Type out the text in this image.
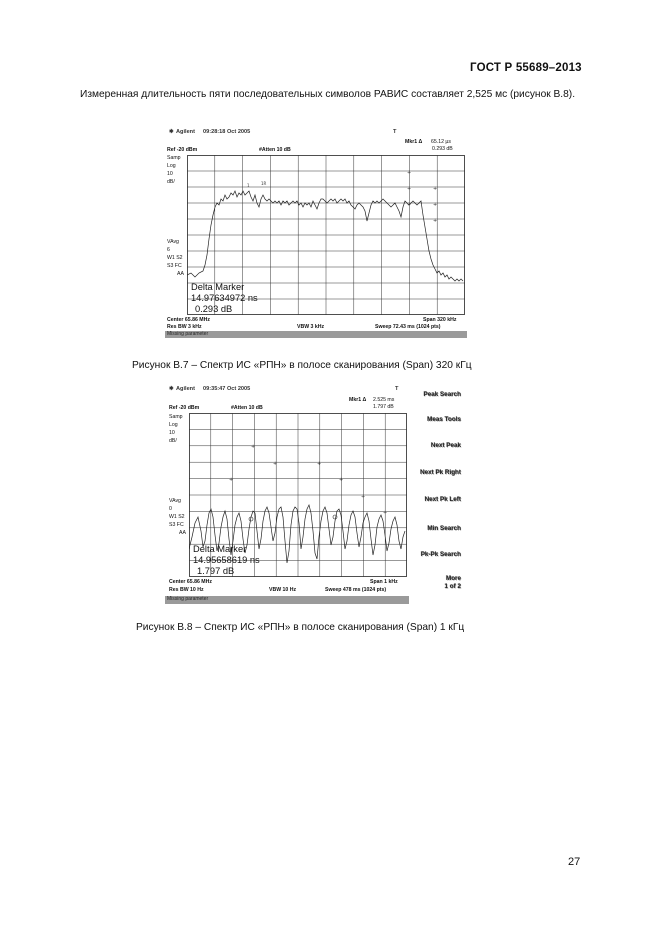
ГОСТ Р 55689–2013
Измеренная длительность пяти последовательных символов РАВИС составляет 2,525 мс (рисунок В.8).
✱ Agilent 09:28:18 Oct 2005	T
Mkr1 Δ 65.12 µs
0.293 dB
Ref -20 dBm	#Atten 10 dB
Samp
Log
10
dB/
VAvg
6
W1 S2
S3 FC
AA
+
+	+
+
+
+
1	1R
Delta Marker
14.97634972 ns
0.293 dB
Center 65.86 MHz	Span 320 kHz
Res BW 3 kHz	VBW 3 kHz	Sweep 72.43 ms (1024 pts)
Missing parameter
Рисунок В.7 – Спектр ИС «РПН» в полосе сканирования (Span) 320 кГц
✱ Agilent 09:35:47 Oct 2005	T
Mkr1 Δ 2.525 ms
1.797 dB
Ref -20 dBm	#Atten 10 dB
Samp
Log
10
dB/
VAvg
0
W1 S2
S3 FC
AA
+
+	+
+
+
+
+
Delta Marker
14.95658619 ns
1.797 dB
Center 65.86 MHz	Span 1 kHz
Res BW 10 Hz	VBW 10 Hz	Sweep 478 ms (1024 pts)
Missing parameter
Peak Search
Meas Tools
Next Peak
Next Pk Right
Next Pk Left
Min Search
Pk-Pk Search
More
1 of 2
Рисунок В.8 – Спектр ИС «РПН» в полосе сканирования (Span) 1 кГц
27
